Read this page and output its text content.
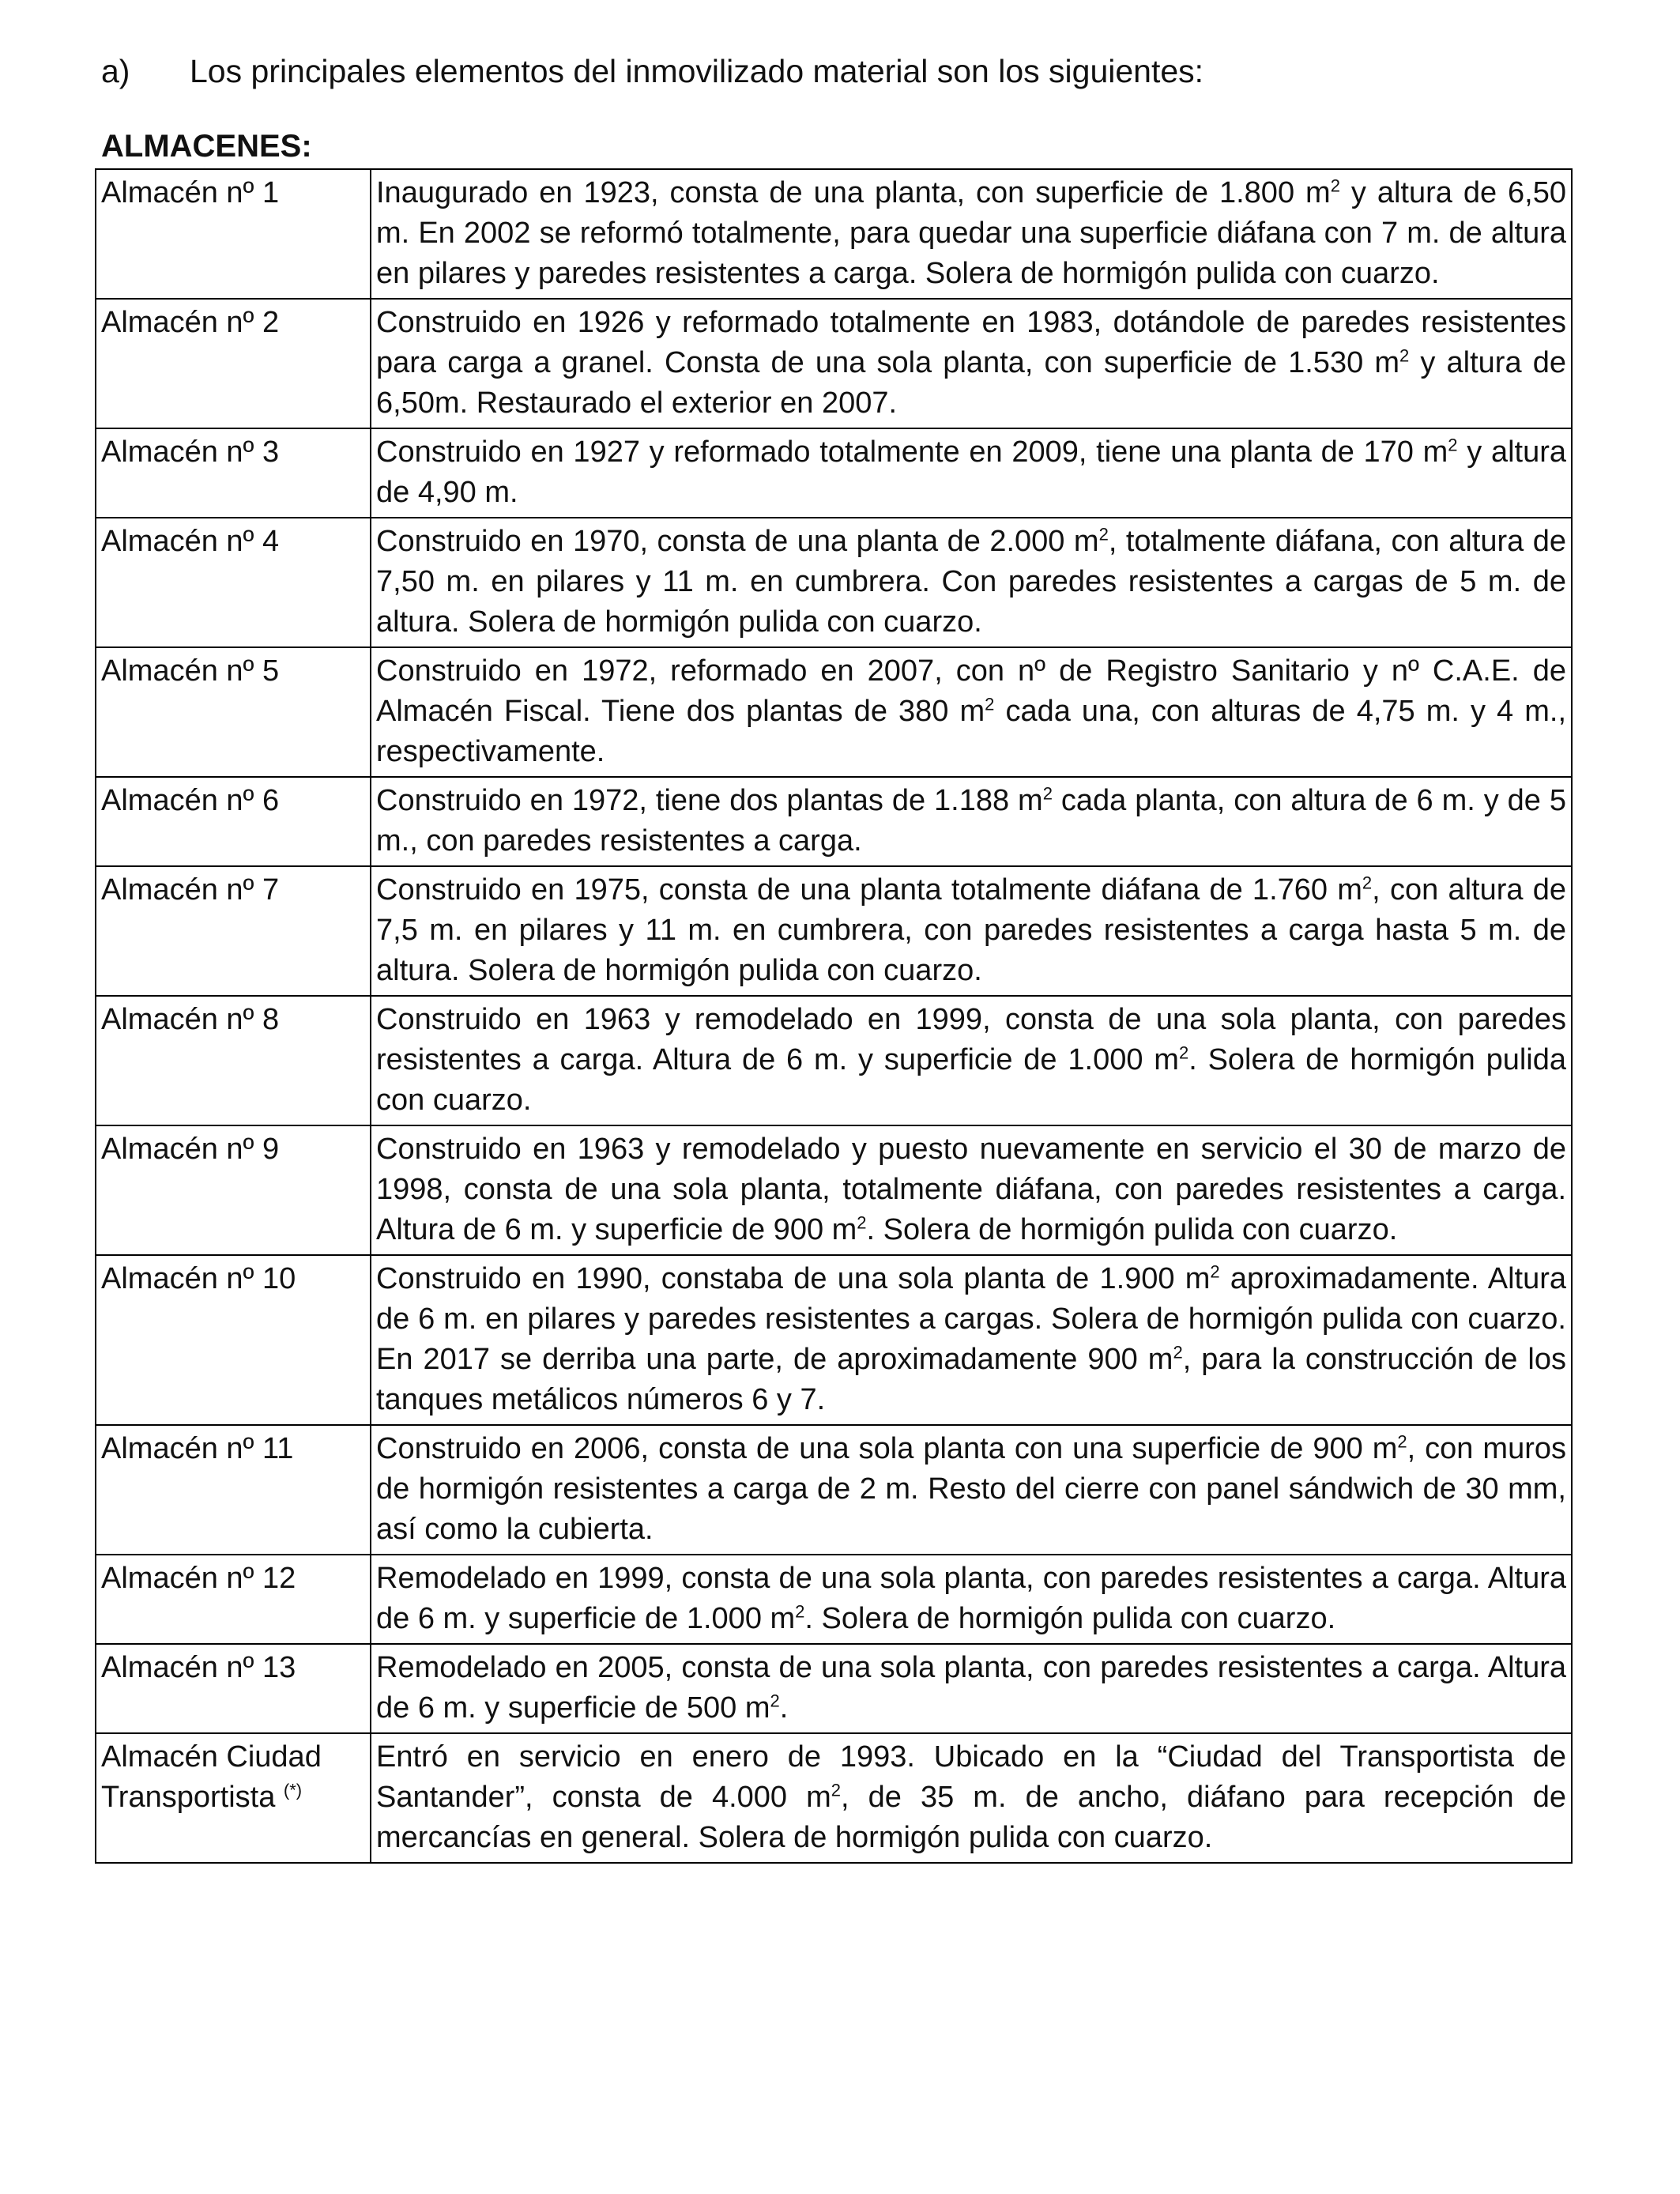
a) Los principales elementos del inmovilizado material son los siguientes:
ALMACENES:
Almacén nº 1	Inaugurado en 1923, consta de una planta, con superficie de 1.800 $m^2$ y altura de 6,50 m. En 2002 se reformó totalmente, para quedar una superficie diáfana con 7 m. de altura en pilares y paredes resistentes a carga. Solera de hormigón pulida con cuarzo.
Almacén nº 2	Construido en 1926 y reformado totalmente en 1983, dotándole de paredes resistentes para carga a granel. Consta de una sola planta, con superficie de 1.530 $m^2$ y altura de 6,50m. Restaurado el exterior en 2007.
Almacén nº 3	Construido en 1927 y reformado totalmente en 2009, tiene una planta de 170 $m^2$ y altura de 4,90 m.
Almacén nº 4	Construido en 1970, consta de una planta de 2.000 $m^2$, totalmente diáfana, con altura de 7,50 m. en pilares y 11 m. en cumbrera. Con paredes resistentes a cargas de 5 m. de altura. Solera de hormigón pulida con cuarzo.
Almacén nº 5	Construido en 1972, reformado en 2007, con nº de Registro Sanitario y nº C.A.E. de Almacén Fiscal. Tiene dos plantas de 380 $m^2$ cada una, con alturas de 4,75 m. y 4 m., respectivamente.
Almacén nº 6	Construido en 1972, tiene dos plantas de 1.188 $m^2$ cada planta, con altura de 6 m. y de 5 m., con paredes resistentes a carga.
Almacén nº 7	Construido en 1975, consta de una planta totalmente diáfana de 1.760 $m^2$, con altura de 7,5 m. en pilares y 11 m. en cumbrera, con paredes resistentes a carga hasta 5 m. de altura. Solera de hormigón pulida con cuarzo.
Almacén nº 8	Construido en 1963 y remodelado en 1999, consta de una sola planta, con paredes resistentes a carga. Altura de 6 m. y superficie de 1.000 $m^2$. Solera de hormigón pulida con cuarzo.
Almacén nº 9	Construido en 1963 y remodelado y puesto nuevamente en servicio el 30 de marzo de 1998, consta de una sola planta, totalmente diáfana, con paredes resistentes a carga. Altura de 6 m. y superficie de 900 $m^2$. Solera de hormigón pulida con cuarzo.
Almacén nº 10	Construido en 1990, constaba de una sola planta de 1.900 $m^2$ aproximadamente. Altura de 6 m. en pilares y paredes resistentes a cargas. Solera de hormigón pulida con cuarzo. En 2017 se derriba una parte, de aproximadamente 900 $m^2$, para la construcción de los tanques metálicos números 6 y 7.
Almacén nº 11	Construido en 2006, consta de una sola planta con una superficie de 900 $m^2$, con muros de hormigón resistentes a carga de 2 m. Resto del cierre con panel sándwich de 30 mm, así como la cubierta.
Almacén nº 12	Remodelado en 1999, consta de una sola planta, con paredes resistentes a carga. Altura de 6 m. y superficie de 1.000 $m^2$. Solera de hormigón pulida con cuarzo.
Almacén nº 13	Remodelado en 2005, consta de una sola planta, con paredes resistentes a carga. Altura de 6 m. y superficie de 500 $m^2$.
Almacén Ciudad Transportista (*)	Entró en servicio en enero de 1993. Ubicado en la “Ciudad del Transportista de Santander”, consta de 4.000 $m^2$, de 35 m. de ancho, diáfano para recepción de mercancías en general. Solera de hormigón pulida con cuarzo.
